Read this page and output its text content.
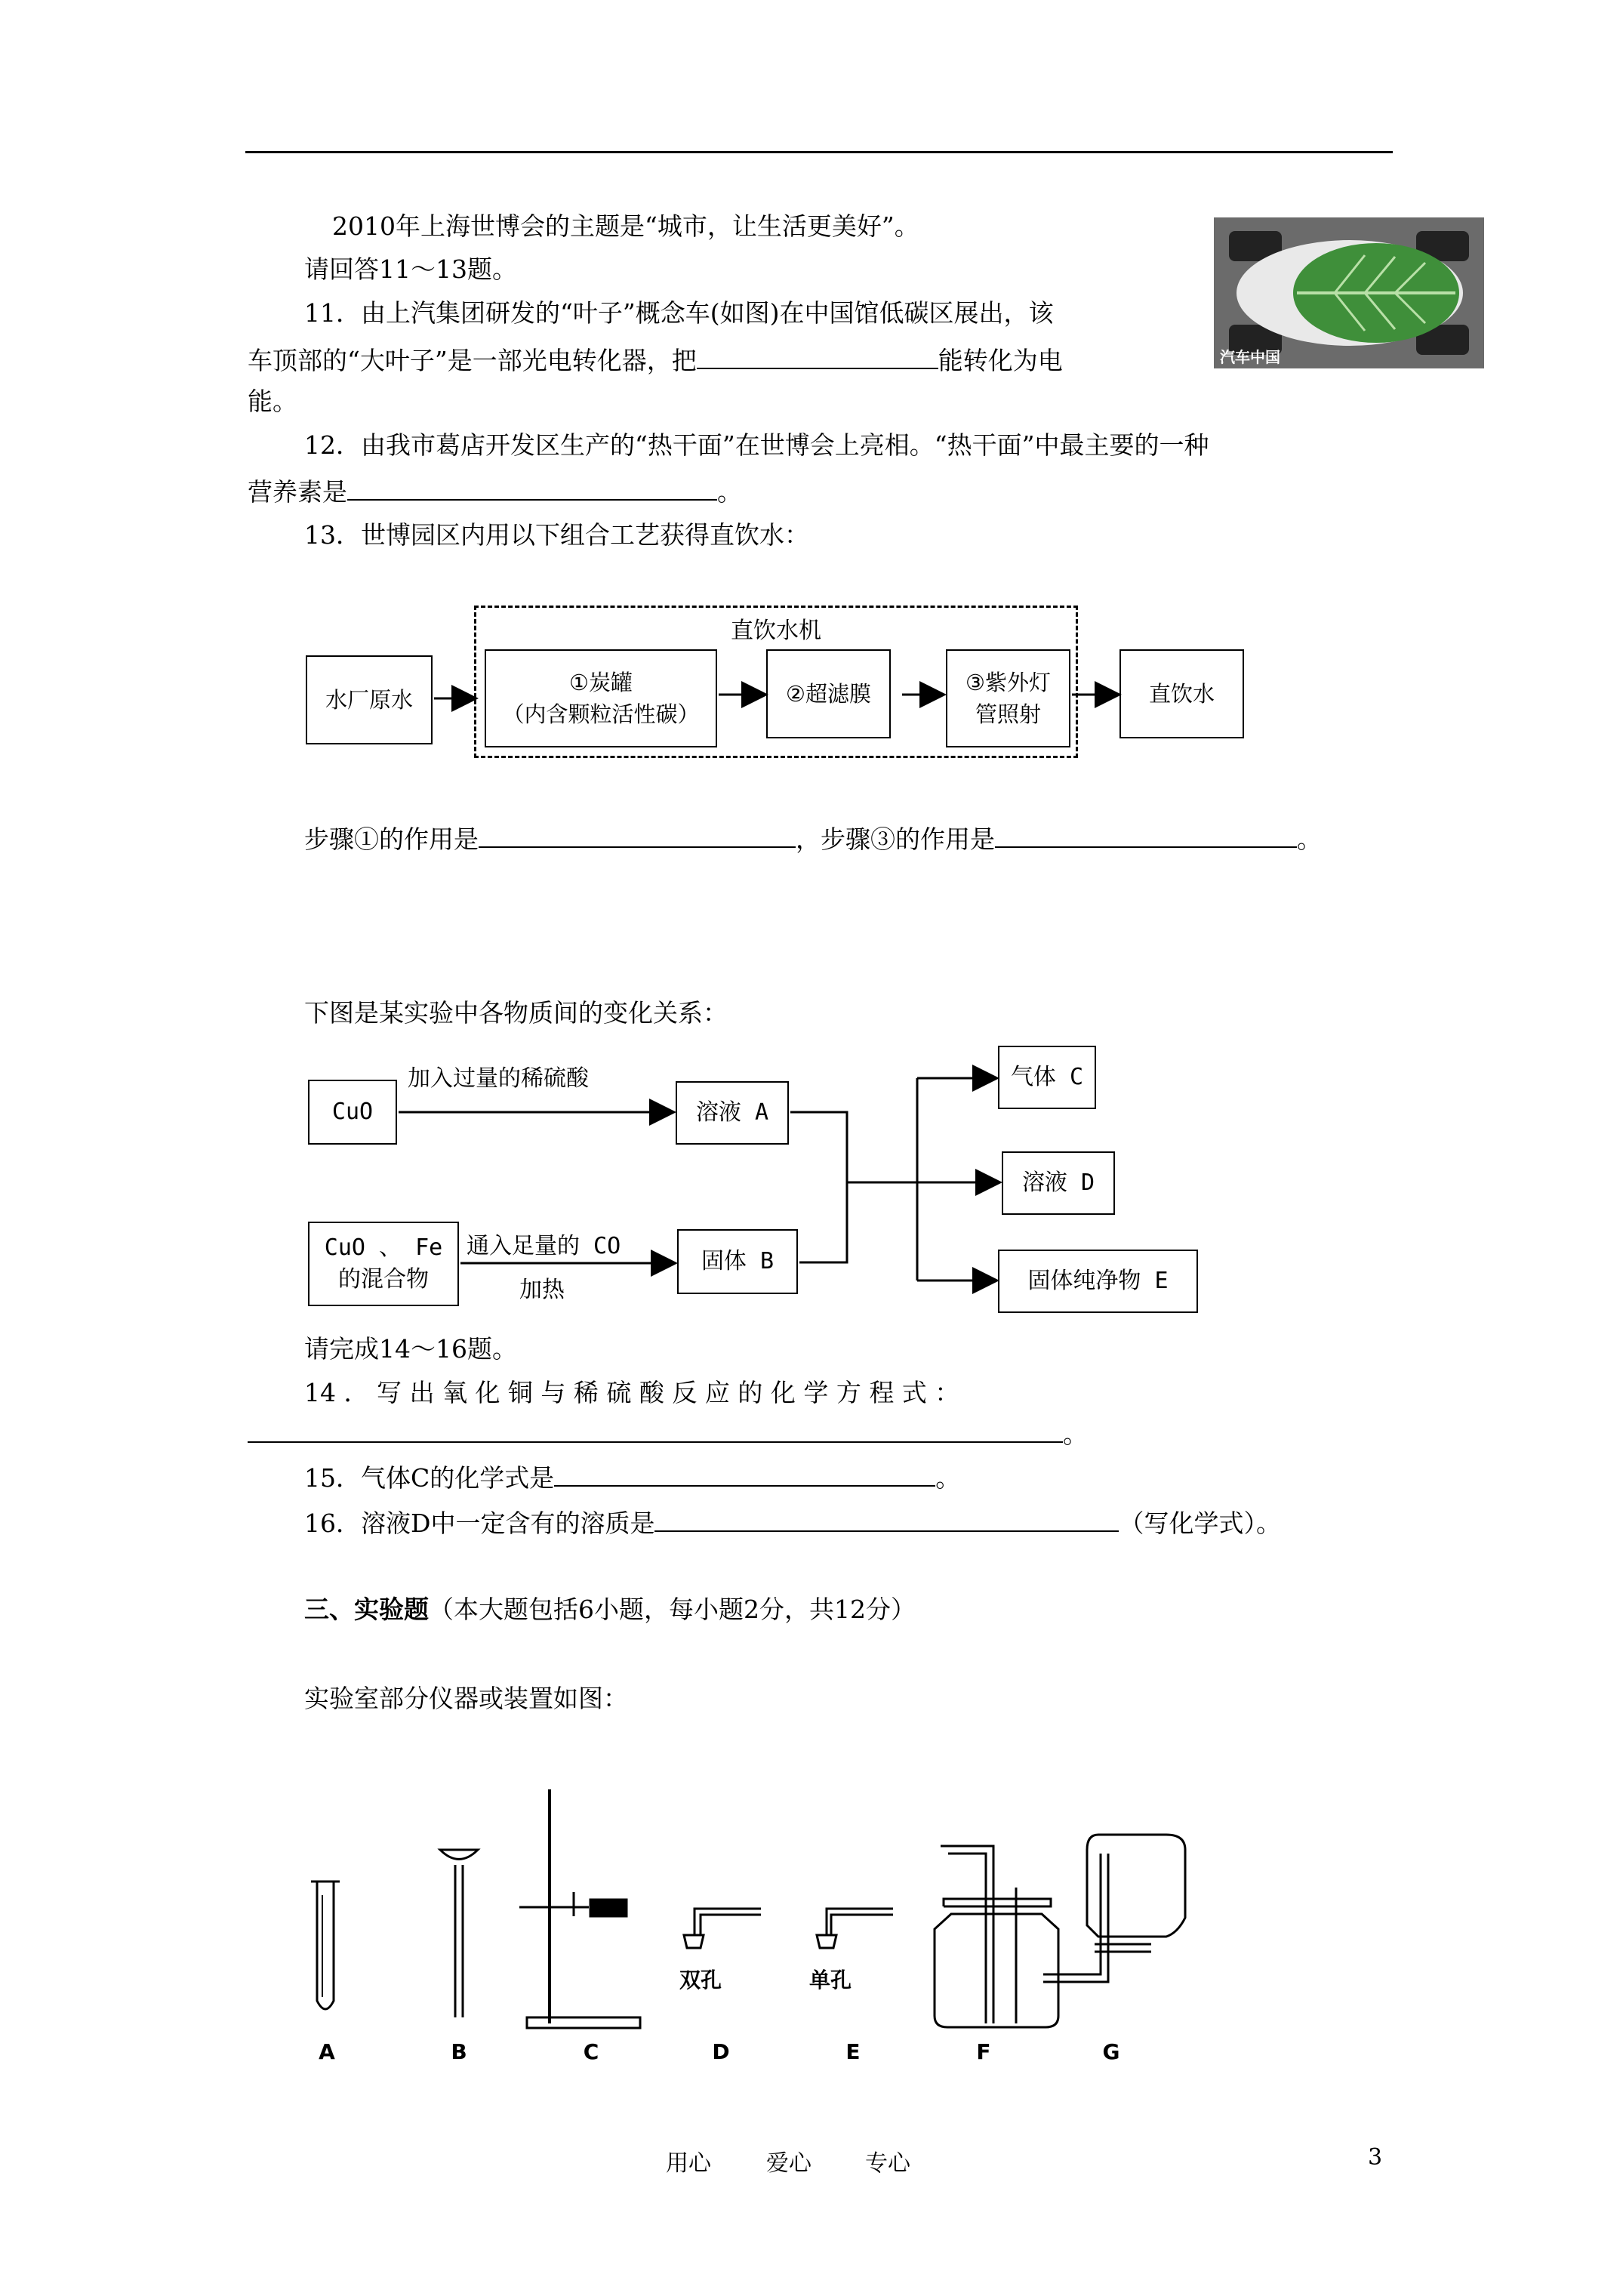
2010年上海世博会的主题是“城市，让生活更美好”。
请回答11～13题。
汽车中国
11．由上汽集团研发的“叶子”概念车(如图)在中国馆低碳区展出，该
车顶部的“大叶子”是一部光电转化器，把	能转化为电
能。
12．由我市葛店开发区生产的“热干面”在世博会上亮相。“热干面”中最主要的一种
营养素是	。
13．世博园区内用以下组合工艺获得直饮水：
直饮水机
水厂原水
①炭罐
（内含颗粒活性碳）
②超滤膜	③紫外灯
管照射
直饮水
步骤①的作用是	，步骤③的作用是	。
下图是某实验中各物质间的变化关系：
CuO
加入过量的稀硫酸
溶液 A
CuO 、 Fe
的混合物
通入足量的 CO
加热
固体 B
气体 C
溶液 D
固体纯净物 E
请完成14～16题。
14 ． 写 出 氧 化 铜 与 稀 硫 酸 反 应 的 化 学 方 程 式 ：
。
15．气体C的化学式是	。
16．溶液D中一定含有的溶质是	（写化学式）。
三、实验题（本大题包括6小题，每小题2分，共12分）
实验室部分仪器或装置如图：
A	B	C	D	E	F	G
双孔	单孔
用心 爱心 专心	3
